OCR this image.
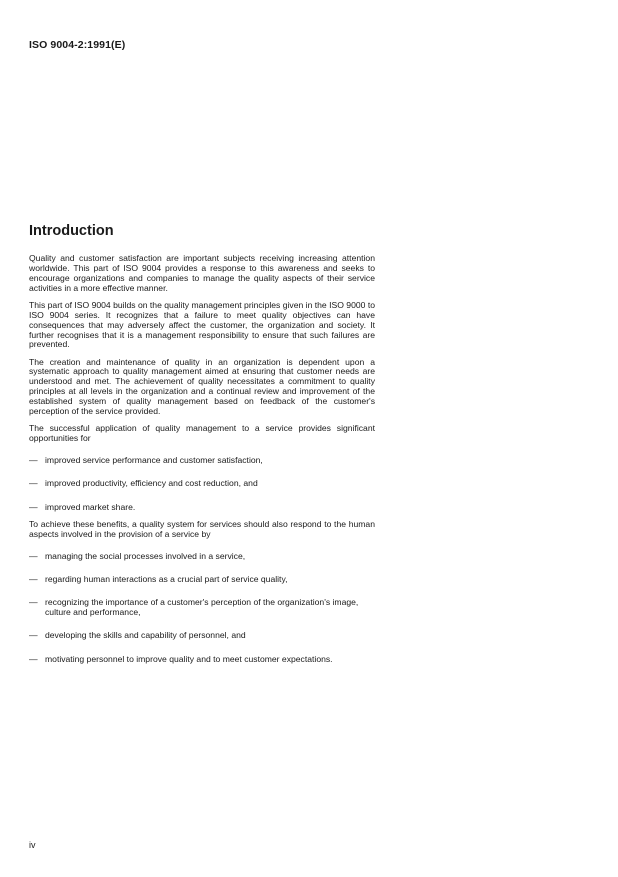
ISO 9004-2:1991(E)
Introduction

Quality and customer satisfaction are important subjects receiving increasing attention worldwide. This part of ISO 9004 provides a response to this awareness and seeks to encourage organizations and companies to manage the quality aspects of their service activities in a more effective manner.

This part of ISO 9004 builds on the quality management principles given in the ISO 9000 to ISO 9004 series. It recognizes that a failure to meet quality objectives can have consequences that may adversely affect the customer, the organization and society. It further recognises that it is a management responsibility to ensure that such failures are prevented.

The creation and maintenance of quality in an organization is dependent upon a systematic approach to quality management aimed at ensuring that customer needs are understood and met. The achievement of quality necessitates a commitment to quality principles at all levels in the organization and a continual review and improvement of the established system of quality management based on feedback of the customer's perception of the service provided.

The successful application of quality management to a service provides significant opportunities for

— improved service performance and customer satisfaction,
— improved productivity, efficiency and cost reduction, and
— improved market share.

To achieve these benefits, a quality system for services should also respond to the human aspects involved in the provision of a service by

— managing the social processes involved in a service,
— regarding human interactions as a crucial part of service quality,
— recognizing the importance of a customer's perception of the organization's image, culture and performance,
— developing the skills and capability of personnel, and
— motivating personnel to improve quality and to meet customer expectations.
iv
